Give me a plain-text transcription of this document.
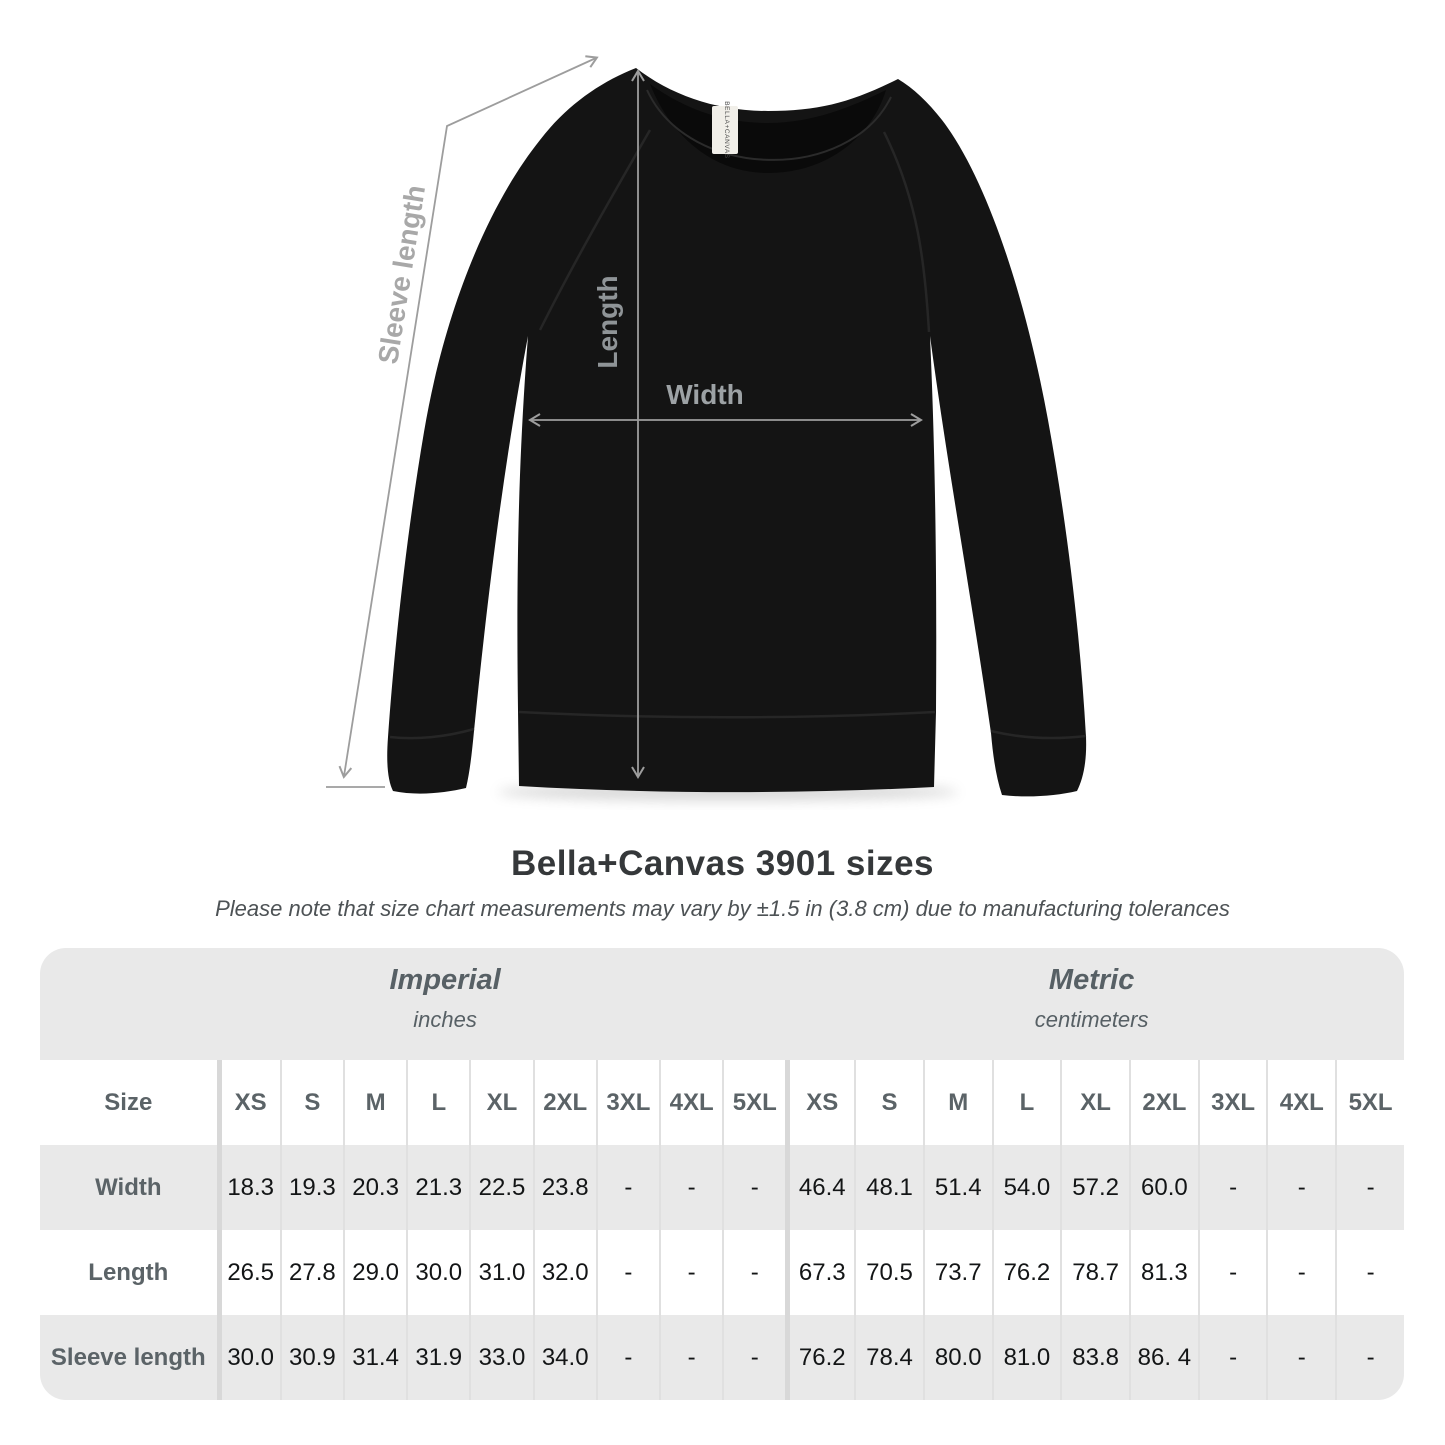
BELLA+CANVAS
Width
Length
Sleeve length
Bella+Canvas 3901 sizes
Please note that size chart measurements may vary by ±1.5 in (3.8 cm) due to manufacturing tolerances
Imperial
inches
Metric
centimeters																		

Size	XS	S	M	L	XL	2XL	3XL	4XL	5XL	XS	S	M	L	XL	2XL	3XL	4XL	5XL
Width	18.3	19.3	20.3	21.3	22.5	23.8	-	-	-	46.4	48.1	51.4	54.0	57.2	60.0	-	-	-
Length	26.5	27.8	29.0	30.0	31.0	32.0	-	-	-	67.3	70.5	73.7	76.2	78.7	81.3	-	-	-
Sleeve length	30.0	30.9	31.4	31.9	33.0	34.0	-	-	-	76.2	78.4	80.0	81.0	83.8	86. 4	-	-	-
